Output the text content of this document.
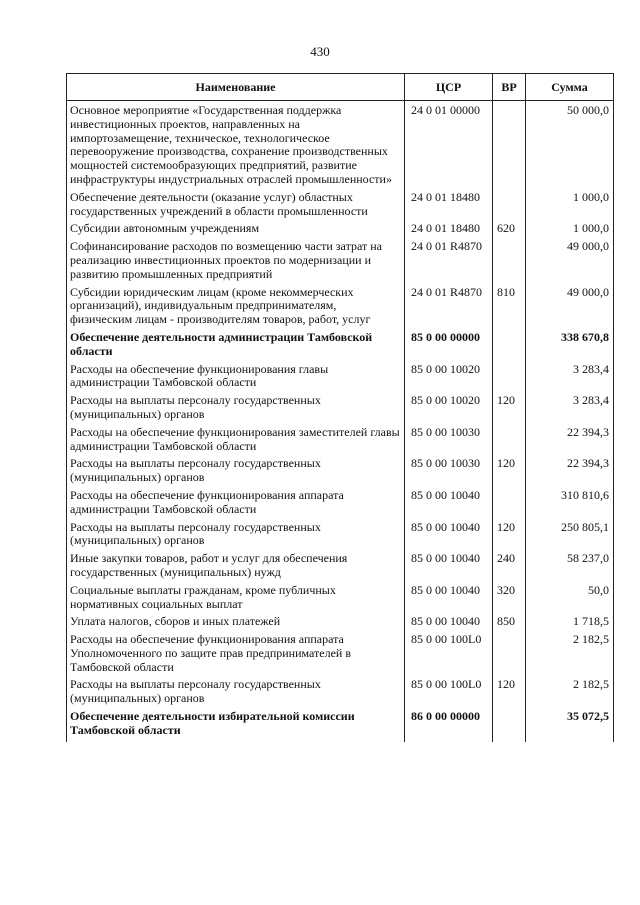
430
Наименование	ЦСР	ВР	Сумма
Основное мероприятие «Государственная поддержка инвестиционных проектов, направленных на импортозамещение, техническое, технологическое перевооружение производства, сохранение производственных мощностей системообразующих предприятий, развитие инфраструктуры индустриальных отраслей промышленности»	24 0 01 00000		50 000,0
Обеспечение деятельности (оказание услуг) областных государственных учреждений в области промышленности	24 0 01 18480		1 000,0
Субсидии автономным учреждениям	24 0 01 18480	620	1 000,0
Софинансирование расходов по возмещению части затрат на реализацию инвестиционных проектов по модернизации и развитию промышленных предприятий	24 0 01 R4870		49 000,0
Субсидии юридическим лицам (кроме некоммерческих организаций), индивидуальным предпринимателям, физическим лицам - производителям товаров, работ, услуг	24 0 01 R4870	810	49 000,0
Обеспечение деятельности администрации Тамбовской области	85 0 00 00000		338 670,8
Расходы на обеспечение функционирования главы администрации Тамбовской области	85 0 00 10020		3 283,4
Расходы на выплаты персоналу государственных (муниципальных) органов	85 0 00 10020	120	3 283,4
Расходы на обеспечение функционирования заместителей главы администрации Тамбовской области	85 0 00 10030		22 394,3
Расходы на выплаты персоналу государственных (муниципальных) органов	85 0 00 10030	120	22 394,3
Расходы на обеспечение функционирования аппарата администрации Тамбовской области	85 0 00 10040		310 810,6
Расходы на выплаты персоналу государственных (муниципальных) органов	85 0 00 10040	120	250 805,1
Иные закупки товаров, работ и услуг для обеспечения государственных (муниципальных) нужд	85 0 00 10040	240	58 237,0
Социальные выплаты гражданам, кроме публичных нормативных социальных выплат	85 0 00 10040	320	50,0
Уплата налогов, сборов и иных платежей	85 0 00 10040	850	1 718,5
Расходы на обеспечение функционирования аппарата Уполномоченного по защите прав предпринимателей в Тамбовской области	85 0 00 100L0		2 182,5
Расходы на выплаты персоналу государственных (муниципальных) органов	85 0 00 100L0	120	2 182,5
Обеспечение деятельности избирательной комиссии Тамбовской области	86 0 00 00000		35 072,5
